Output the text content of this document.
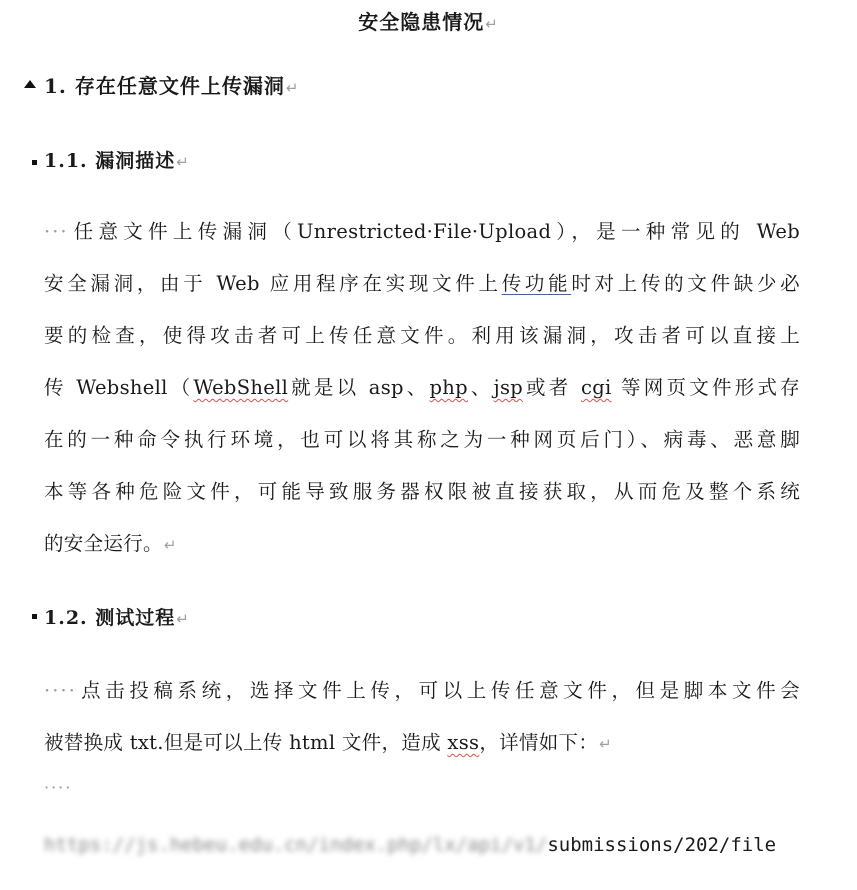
安全隐患情况↵
1. 存在任意文件上传漏洞↵
1.1. 漏洞描述↵
···任意文件上传漏洞（Unrestricted·File·Upload），是一种常见的 Web
安全漏洞，由于 Web 应用程序在实现文件上传功能时对上传的文件缺少必
要的检查，使得攻击者可上传任意文件。利用该漏洞，攻击者可以直接上
传 Webshell（WebShell就是以 asp、php、jsp或者 cgi 等网页文件形式存
在的一种命令执行环境，也可以将其称之为一种网页后门）、病毒、恶意脚
本等各种危险文件，可能导致服务器权限被直接获取，从而危及整个系统
的安全运行。↵
1.2. 测试过程↵
····点击投稿系统，选择文件上传，可以上传任意文件，但是脚本文件会
被替换成 txt.但是可以上传 html 文件，造成 xss，详情如下：↵
····
https://js.hebeu.edu.cn/index.php/lx/api/v1/submissions/202/file
